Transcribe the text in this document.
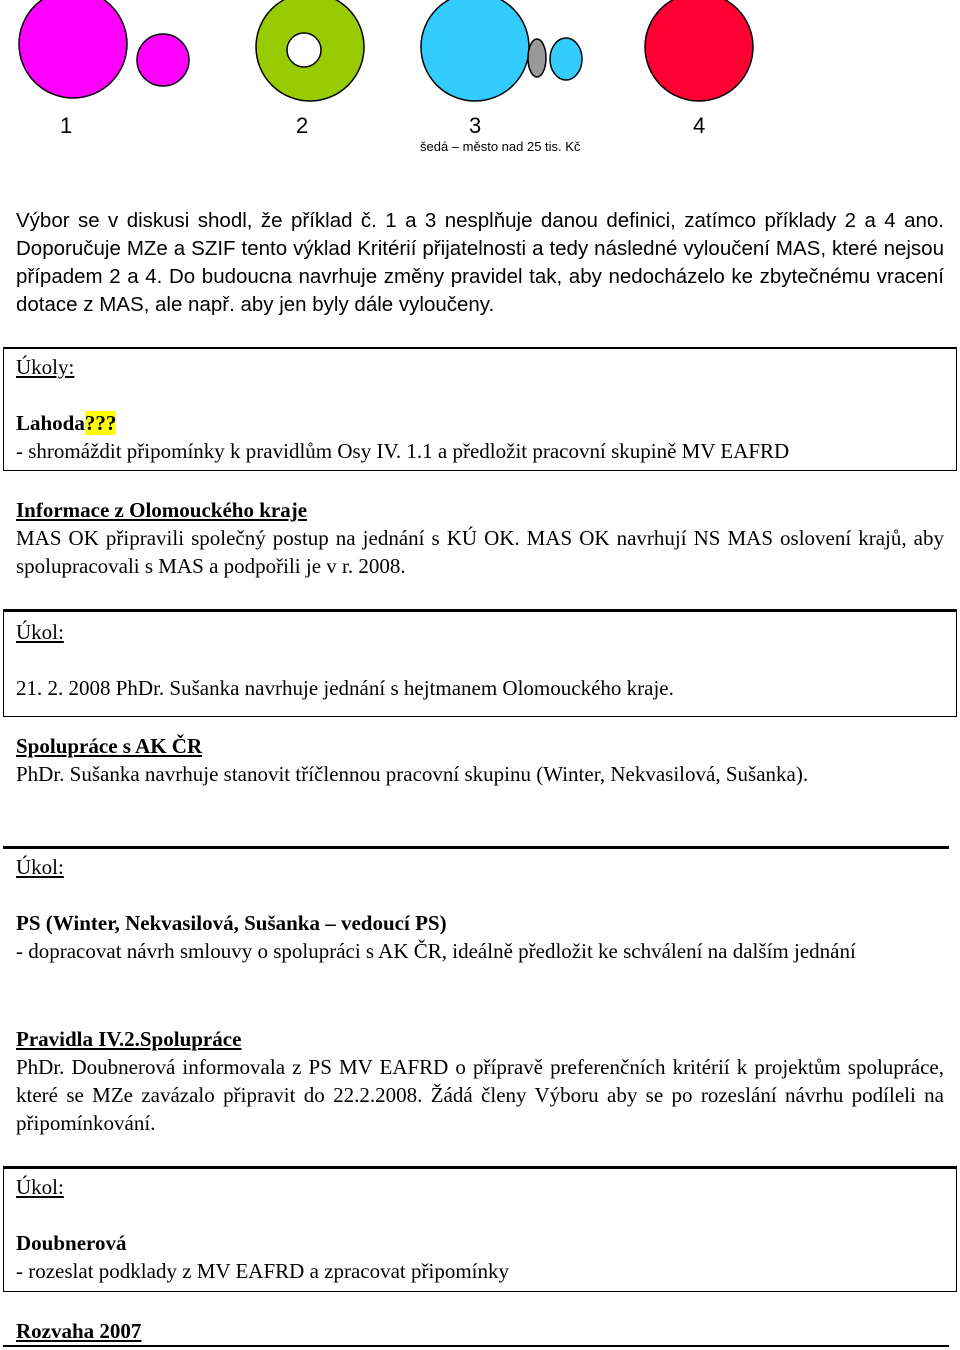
1	2	3	4
šedá – město nad 25 tis. Kč

Výbor se v diskusi shodl, že příklad č. 1 a 3 nesplňuje danou definici, zatímco příklady 2 a 4 ano. Doporučuje MZe a SZIF tento výklad Kritérií přijatelnosti a tedy následné vyloučení MAS, které nejsou případem 2 a 4. Do budoucna navrhuje změny pravidel tak, aby nedocházelo ke zbytečnému vracení dotace z MAS, ale např. aby jen byly dále vyloučeny.

Úkoly:

Lahoda???

- shromáždit připomínky k pravidlům Osy IV. 1.1 a předložit pracovní skupině MV EAFRD

Informace z Olomouckého kraje

MAS OK připravili společný postup na jednání s KÚ OK. MAS OK navrhují NS MAS oslovení krajů, aby spolupracovali s MAS a podpořili je v r. 2008.

Úkol:

21. 2. 2008 PhDr. Sušanka navrhuje jednání s hejtmanem Olomouckého kraje.

Spolupráce s AK ČR

PhDr. Sušanka navrhuje stanovit tříčlennou pracovní skupinu (Winter, Nekvasilová, Sušanka).

Úkol:

PS (Winter, Nekvasilová, Sušanka – vedoucí PS)

- dopracovat návrh smlouvy o spolupráci s AK ČR, ideálně předložit ke schválení na dalším jednání

Pravidla IV.2.Spolupráce

PhDr. Doubnerová informovala z PS MV EAFRD o přípravě preferenčních kritérií k projektům spolupráce, které se MZe zavázalo připravit do 22.2.2008. Žádá členy Výboru aby se po rozeslání návrhu podíleli na připomínkování.

Úkol:

Doubnerová

- rozeslat podklady z MV EAFRD a zpracovat připomínky

Rozvaha 2007
